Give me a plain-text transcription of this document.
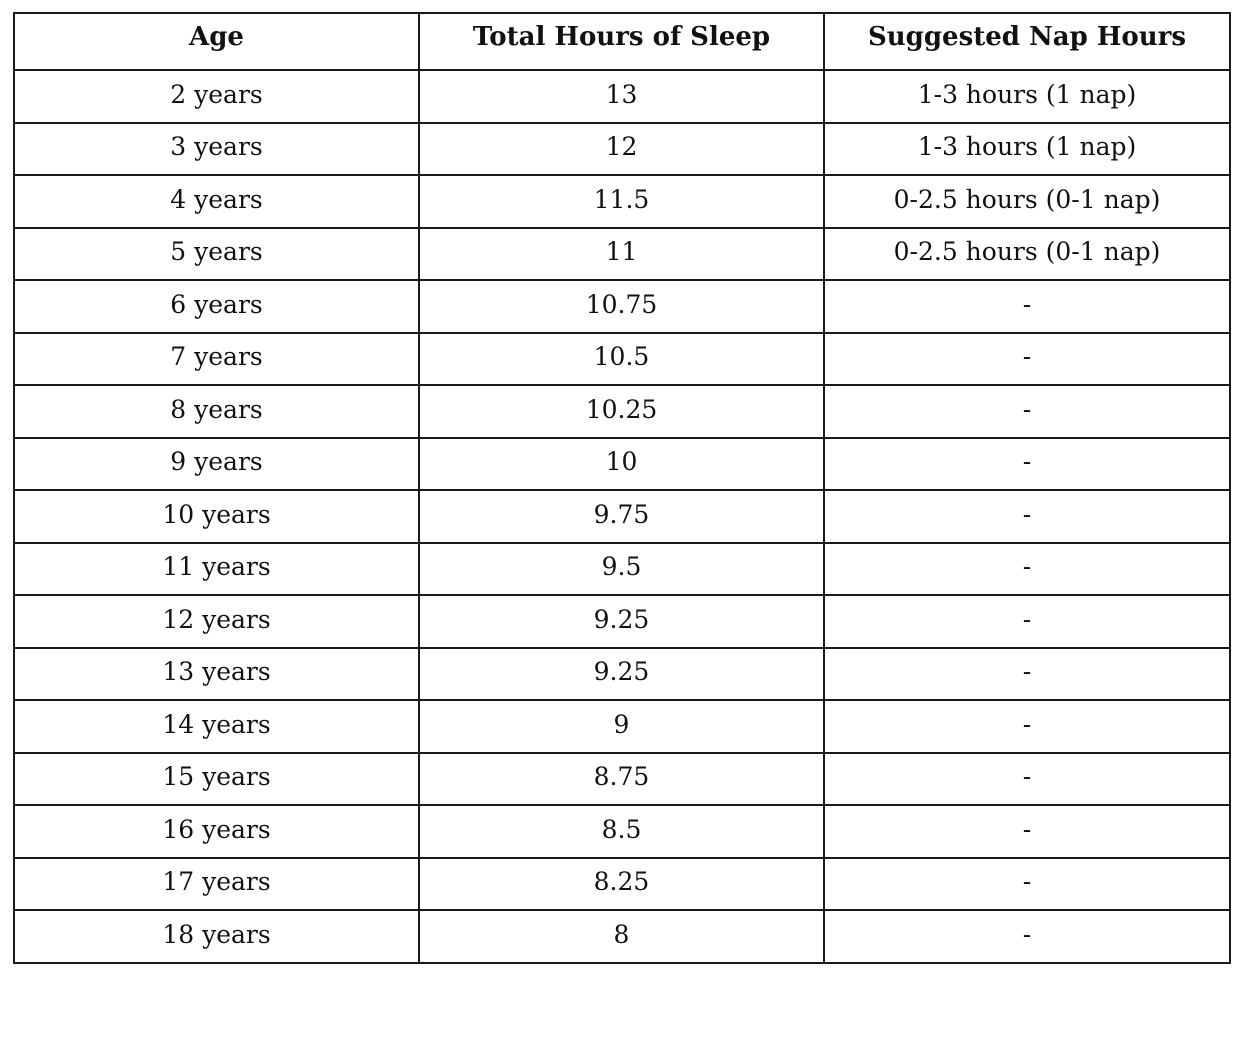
Age	Total Hours of Sleep	Suggested Nap Hours
2 years	13	1-3 hours (1 nap)
3 years	12	1-3 hours (1 nap)
4 years	11.5	0-2.5 hours (0-1 nap)
5 years	11	0-2.5 hours (0-1 nap)
6 years	10.75	-
7 years	10.5	-
8 years	10.25	-
9 years	10	-
10 years	9.75	-
11 years	9.5	-
12 years	9.25	-
13 years	9.25	-
14 years	9	-
15 years	8.75	-
16 years	8.5	-
17 years	8.25	-
18 years	8	-
